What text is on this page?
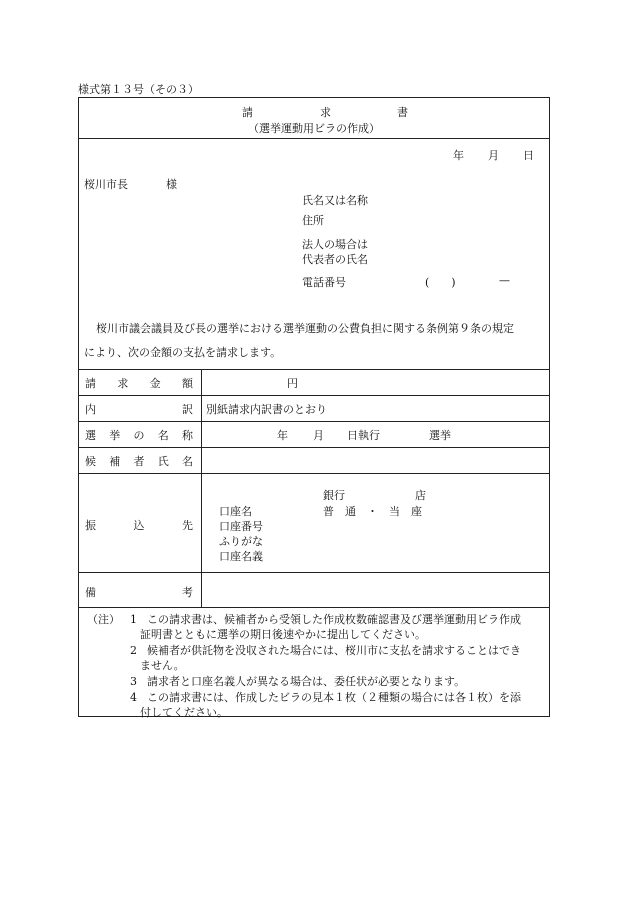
様式第１３号（その３）
請	求	書
（選挙運動用ビラの作成）
年 月 日
桜川市長	様
氏名又は名称
住所
法人の場合は
代表者の氏名
電話番号	(　　)	—
桜川市議会議員及び長の選挙における選挙運動の公費負担に関する条例第９条の規定
により、次の金額の支払を請求します。
請 求 金 額	円
内	訳 別紙請求内訳書のとおり
選 挙 の 名 称	年 月 日執行	選挙
候 補 者 氏 名
振	込	先
銀行	店
口座名	普　通　・　当　座
口座番号
ふりがな
口座名義
備	考
（注） 1 この請求書は、候補者から受領した作成枚数確認書及び選挙運動用ビラ作成
証明書とともに選挙の期日後速やかに提出してください。
2 候補者が供託物を没収された場合には、桜川市に支払を請求することはでき
ません。
3 請求者と口座名義人が異なる場合は、委任状が必要となります。
4 この請求書には、作成したビラの見本１枚（２種類の場合には各１枚）を添
付してください。
